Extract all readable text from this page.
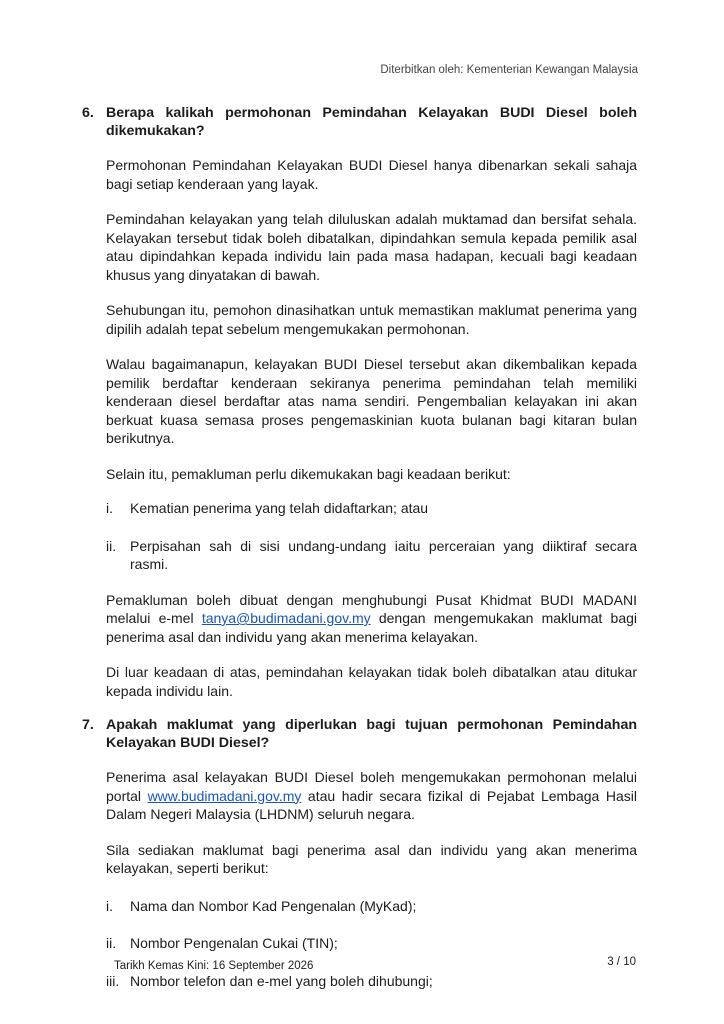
Diterbitkan oleh: Kementerian Kewangan Malaysia
6. Berapa kalikah permohonan Pemindahan Kelayakan BUDI Diesel boleh dikemukakan?
Permohonan Pemindahan Kelayakan BUDI Diesel hanya dibenarkan sekali sahaja bagi setiap kenderaan yang layak.
Pemindahan kelayakan yang telah diluluskan adalah muktamad dan bersifat sehala. Kelayakan tersebut tidak boleh dibatalkan, dipindahkan semula kepada pemilik asal atau dipindahkan kepada individu lain pada masa hadapan, kecuali bagi keadaan khusus yang dinyatakan di bawah.
Sehubungan itu, pemohon dinasihatkan untuk memastikan maklumat penerima yang dipilih adalah tepat sebelum mengemukakan permohonan.
Walau bagaimanapun, kelayakan BUDI Diesel tersebut akan dikembalikan kepada pemilik berdaftar kenderaan sekiranya penerima pemindahan telah memiliki kenderaan diesel berdaftar atas nama sendiri. Pengembalian kelayakan ini akan berkuat kuasa semasa proses pengemaskinian kuota bulanan bagi kitaran bulan berikutnya.
Selain itu, pemakluman perlu dikemukakan bagi keadaan berikut:
i.	Kematian penerima yang telah didaftarkan; atau
ii. Perpisahan sah di sisi undang-undang iaitu perceraian yang diiktiraf secara rasmi.
Pemakluman boleh dibuat dengan menghubungi Pusat Khidmat BUDI MADANI melalui e-mel tanya@budimadani.gov.my dengan mengemukakan maklumat bagi penerima asal dan individu yang akan menerima kelayakan.
Di luar keadaan di atas, pemindahan kelayakan tidak boleh dibatalkan atau ditukar kepada individu lain.
7. Apakah maklumat yang diperlukan bagi tujuan permohonan Pemindahan Kelayakan BUDI Diesel?
Penerima asal kelayakan BUDI Diesel boleh mengemukakan permohonan melalui portal www.budimadani.gov.my atau hadir secara fizikal di Pejabat Lembaga Hasil Dalam Negeri Malaysia (LHDNM) seluruh negara.
Sila sediakan maklumat bagi penerima asal dan individu yang akan menerima kelayakan, seperti berikut:
i.	Nama dan Nombor Kad Pengenalan (MyKad);
ii. Nombor Pengenalan Cukai (TIN);
iii. Nombor telefon dan e-mel yang boleh dihubungi;
Tarikh Kemas Kini: 16 September 2026	3 / 10
